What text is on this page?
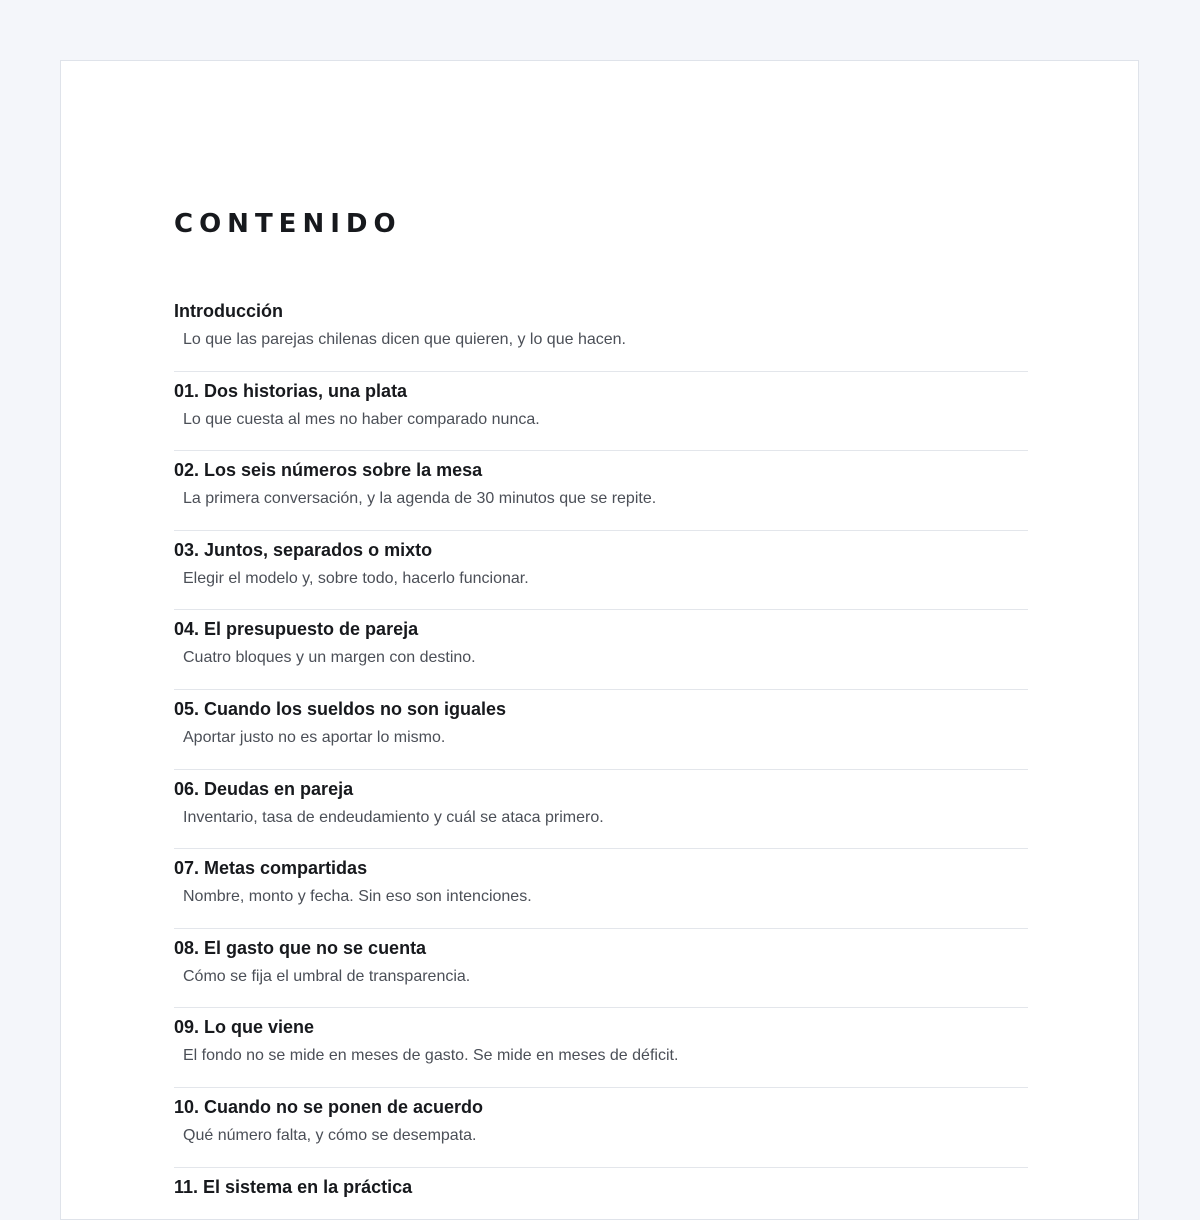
CONTENIDO
Introducción
Lo que las parejas chilenas dicen que quieren, y lo que hacen.
01. Dos historias, una plata
Lo que cuesta al mes no haber comparado nunca.
02. Los seis números sobre la mesa
La primera conversación, y la agenda de 30 minutos que se repite.
03. Juntos, separados o mixto
Elegir el modelo y, sobre todo, hacerlo funcionar.
04. El presupuesto de pareja
Cuatro bloques y un margen con destino.
05. Cuando los sueldos no son iguales
Aportar justo no es aportar lo mismo.
06. Deudas en pareja
Inventario, tasa de endeudamiento y cuál se ataca primero.
07. Metas compartidas
Nombre, monto y fecha. Sin eso son intenciones.
08. El gasto que no se cuenta
Cómo se fija el umbral de transparencia.
09. Lo que viene
El fondo no se mide en meses de gasto. Se mide en meses de déficit.
10. Cuando no se ponen de acuerdo
Qué número falta, y cómo se desempata.
11. El sistema en la práctica
